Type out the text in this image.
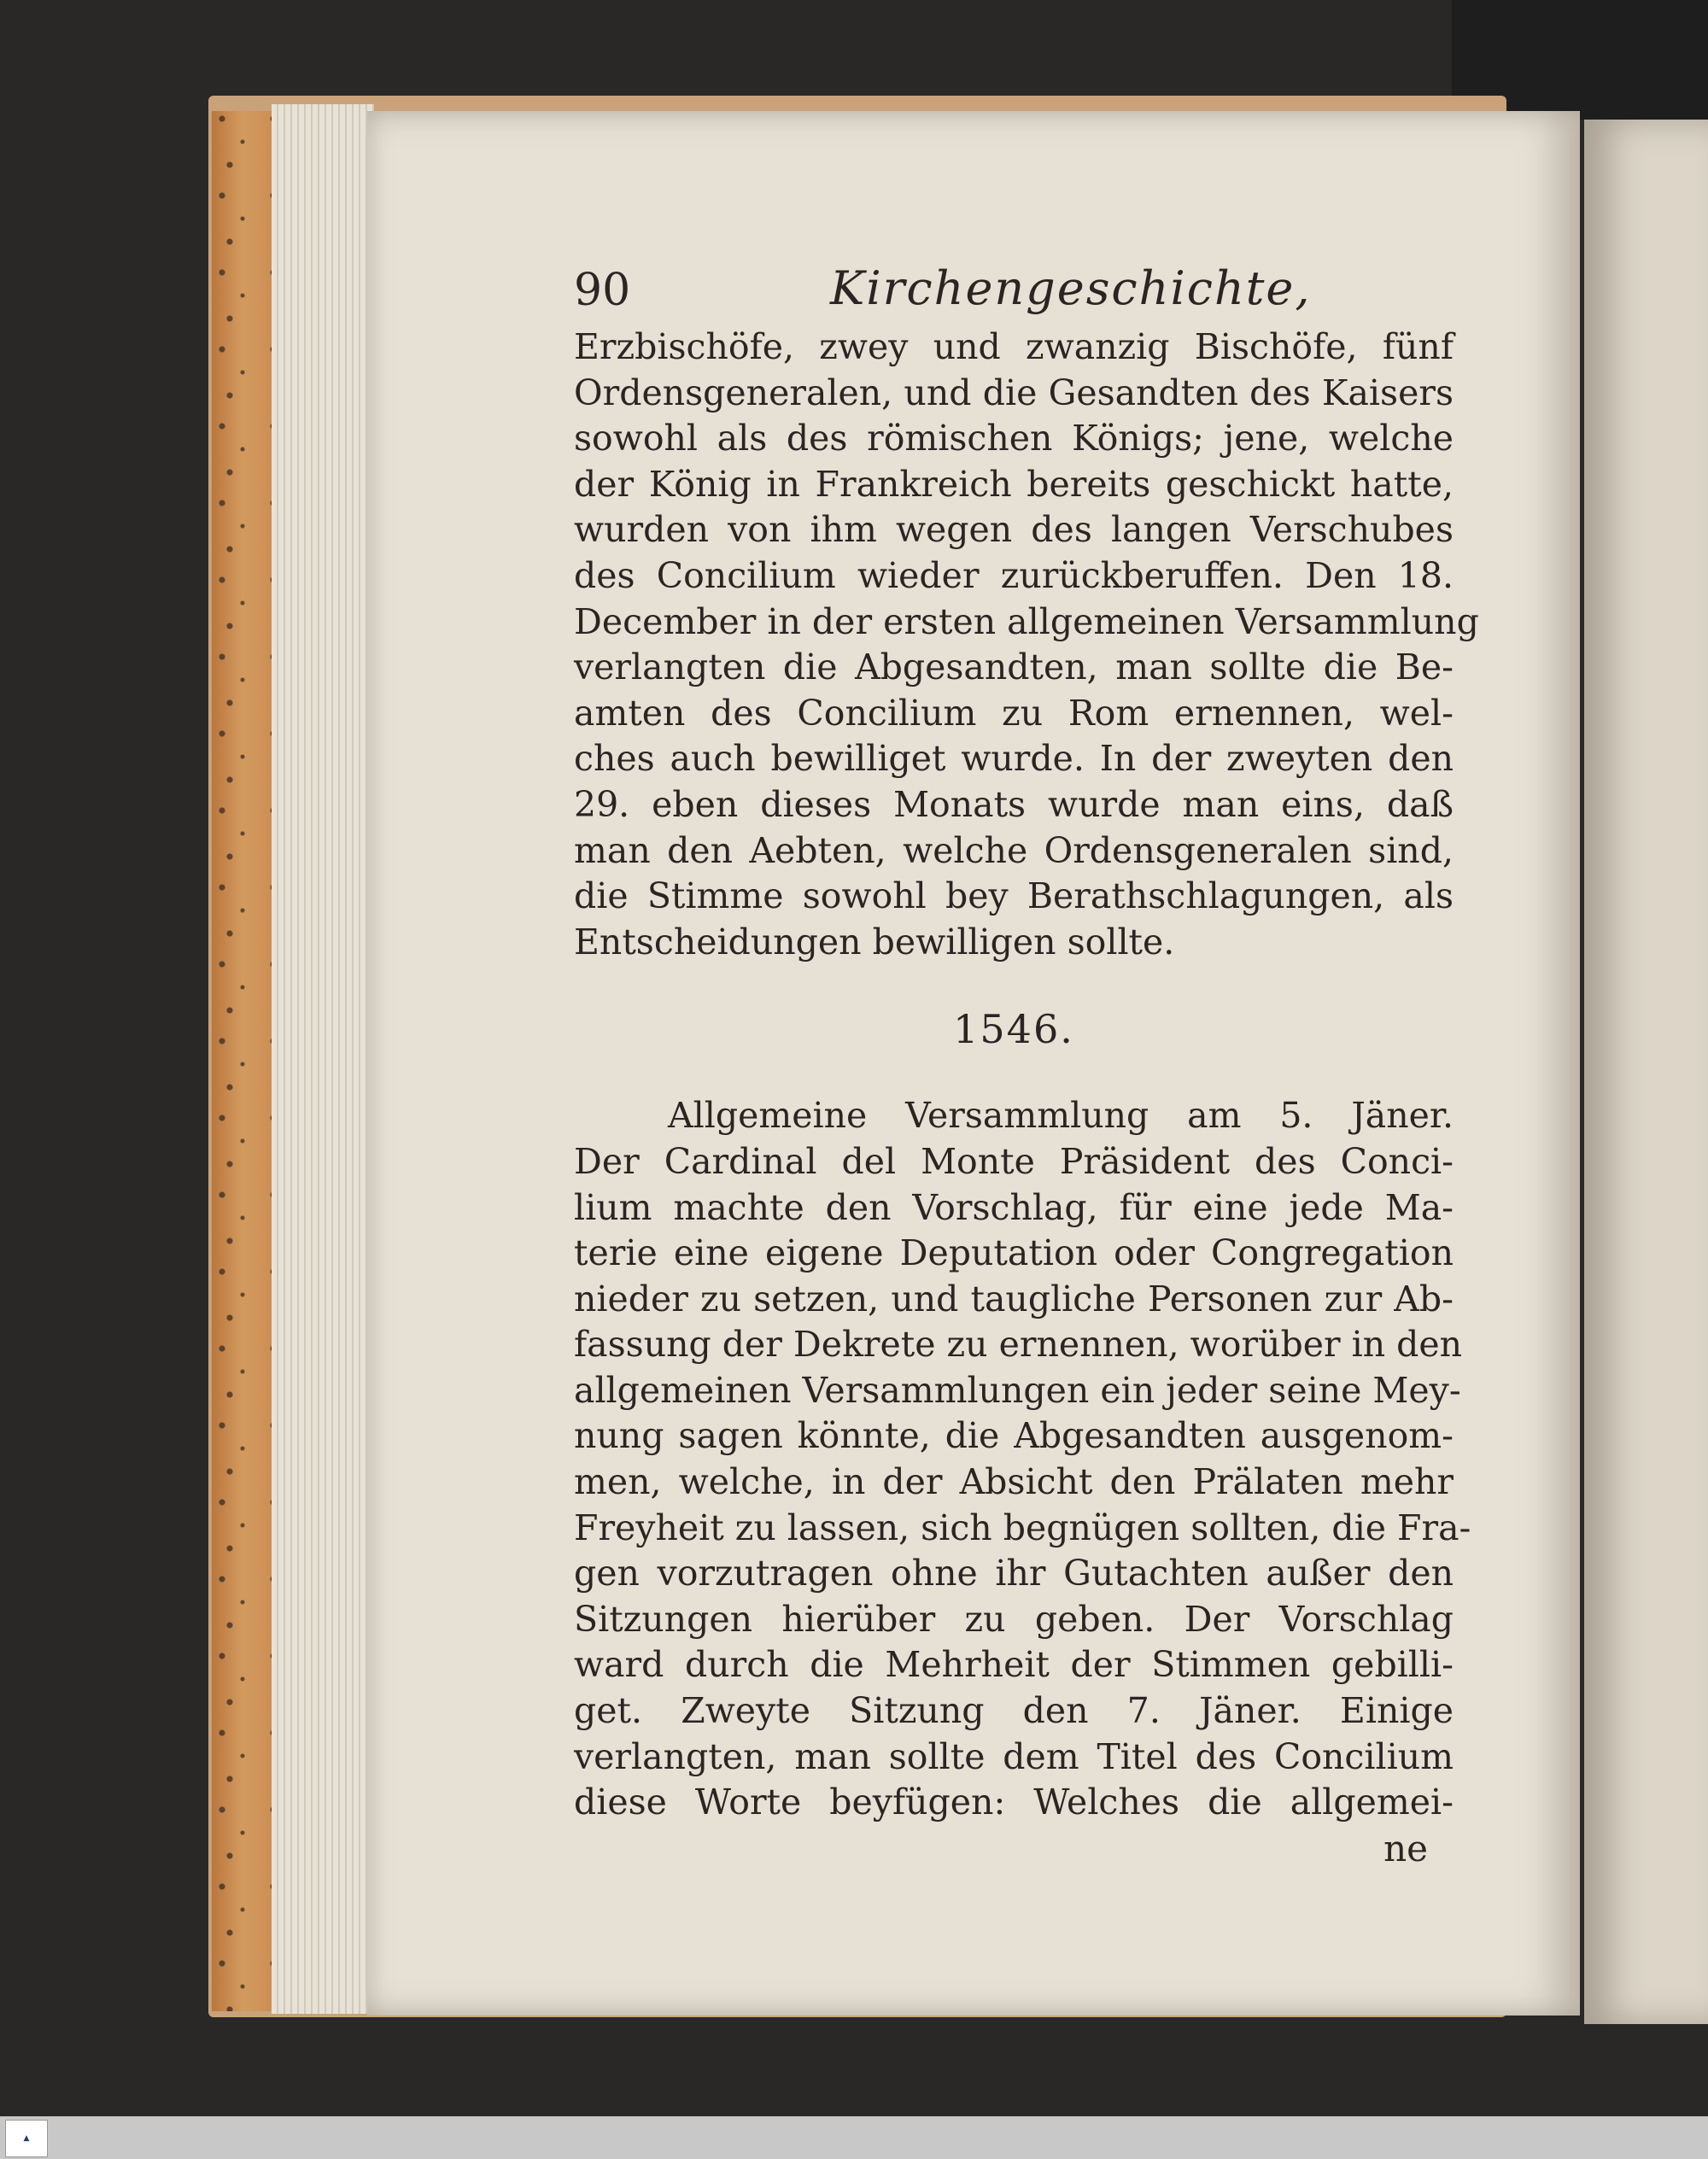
90	Kirchengeschichte,
Erzbischöfe, zwey und zwanzig Bischöfe, fünf
Ordensgeneralen, und die Gesandten des Kaisers
sowohl als des römischen Königs; jene, welche
der König in Frankreich bereits geschickt hatte,
wurden von ihm wegen des langen Verschubes
des Concilium wieder zurückberuffen. Den 18.
December in der ersten allgemeinen Versammlung
verlangten die Abgesandten, man sollte die Be-
amten des Concilium zu Rom ernennen, wel-
ches auch bewilliget wurde. In der zweyten den
29. eben dieses Monats wurde man eins, daß
man den Aebten, welche Ordensgeneralen sind,
die Stimme sowohl bey Berathschlagungen, als
Entscheidungen bewilligen sollte.
1546.
Allgemeine Versammlung am 5. Jäner.
Der Cardinal del Monte Präsident des Conci-
lium machte den Vorschlag, für eine jede Ma-
terie eine eigene Deputation oder Congregation
nieder zu setzen, und taugliche Personen zur Ab-
fassung der Dekrete zu ernennen, worüber in den
allgemeinen Versammlungen ein jeder seine Mey-
nung sagen könnte, die Abgesandten ausgenom-
men, welche, in der Absicht den Prälaten mehr
Freyheit zu lassen, sich begnügen sollten, die Fra-
gen vorzutragen ohne ihr Gutachten außer den
Sitzungen hierüber zu geben. Der Vorschlag
ward durch die Mehrheit der Stimmen gebilli-
get. Zweyte Sitzung den 7. Jäner. Einige
verlangten, man sollte dem Titel des Concilium
diese Worte beyfügen: Welches die allgemei-
ne
▲
